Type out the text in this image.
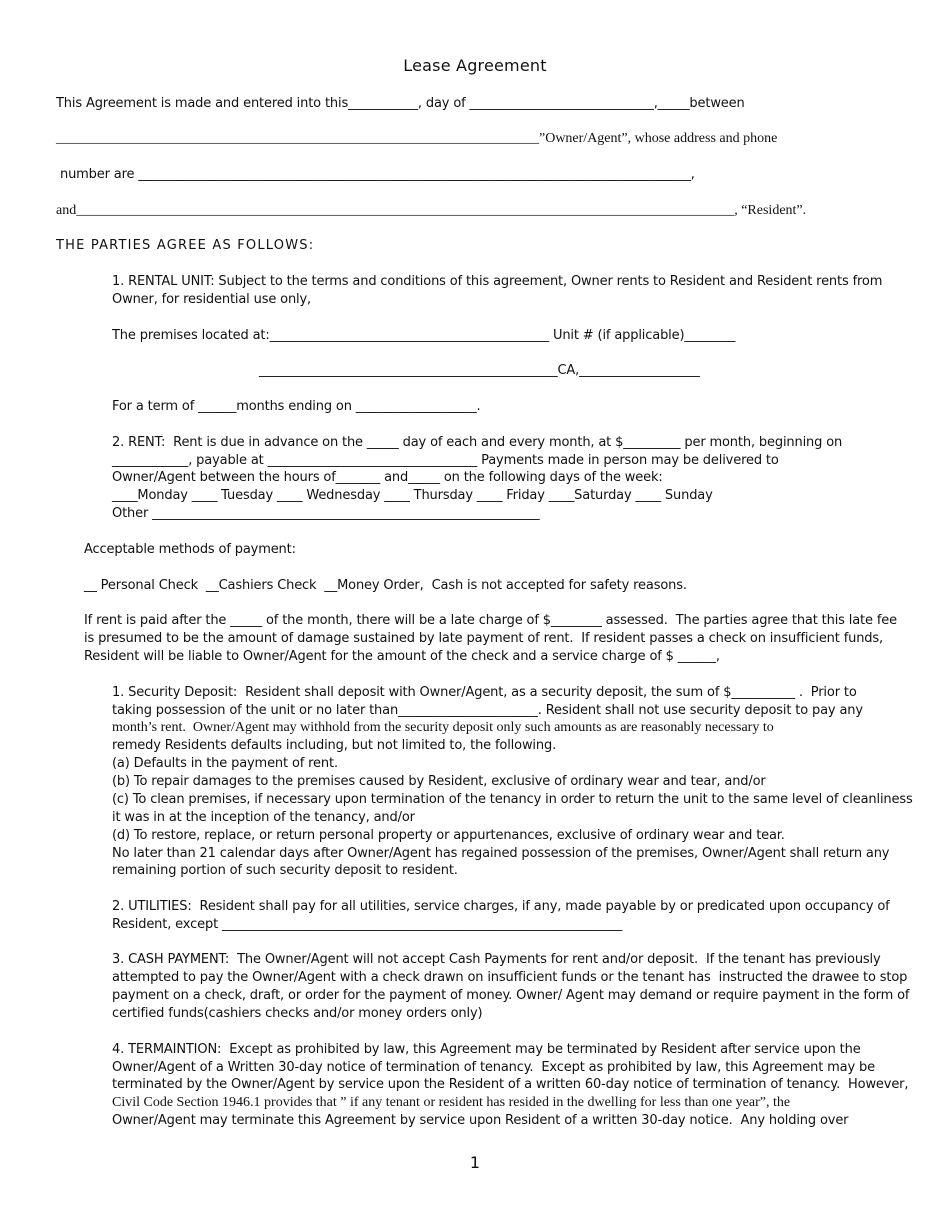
Lease Agreement
This Agreement is made and entered into this___________, day of _____________________________,_____between
_____________________________________________________________________”Owner/Agent”, whose address and phone
number are _______________________________________________________________________________________,
and______________________________________________________________________________________________, “Resident”.
THE PARTIES AGREE AS FOLLOWS:
1. RENTAL UNIT: Subject to the terms and conditions of this agreement, Owner rents to Resident and Resident rents from
Owner, for residential use only,
The premises located at:____________________________________________ Unit # (if applicable)________
_______________________________________________CA,___________________
For a term of ______months ending on ___________________.
2. RENT:  Rent is due in advance on the _____ day of each and every month, at $_________ per month, beginning on
____________, payable at _________________________________ Payments made in person may be delivered to
Owner/Agent between the hours of_______ and_____ on the following days of the week:
____Monday ____ Tuesday ____ Wednesday ____ Thursday ____ Friday ____Saturday ____ Sunday
Other _____________________________________________________________
Acceptable methods of payment:
__ Personal Check  __Cashiers Check  __Money Order,  Cash is not accepted for safety reasons.
If rent is paid after the _____ of the month, there will be a late charge of $________ assessed.  The parties agree that this late fee
is presumed to be the amount of damage sustained by late payment of rent.  If resident passes a check on insufficient funds,
Resident will be liable to Owner/Agent for the amount of the check and a service charge of $ ______,
1. Security Deposit:  Resident shall deposit with Owner/Agent, as a security deposit, the sum of $__________ .  Prior to
taking possession of the unit or no later than______________________. Resident shall not use security deposit to pay any
month’s rent.  Owner/Agent may withhold from the security deposit only such amounts as are reasonably necessary to
remedy Residents defaults including, but not limited to, the following.
(a) Defaults in the payment of rent.
(b) To repair damages to the premises caused by Resident, exclusive of ordinary wear and tear, and/or
(c) To clean premises, if necessary upon termination of the tenancy in order to return the unit to the same level of cleanliness
it was in at the inception of the tenancy, and/or
(d) To restore, replace, or return personal property or appurtenances, exclusive of ordinary wear and tear.
No later than 21 calendar days after Owner/Agent has regained possession of the premises, Owner/Agent shall return any
remaining portion of such security deposit to resident.
2. UTILITIES:  Resident shall pay for all utilities, service charges, if any, made payable by or predicated upon occupancy of
Resident, except _______________________________________________________________
3. CASH PAYMENT:  The Owner/Agent will not accept Cash Payments for rent and/or deposit.  If the tenant has previously
attempted to pay the Owner/Agent with a check drawn on insufficient funds or the tenant has  instructed the drawee to stop
payment on a check, draft, or order for the payment of money. Owner/ Agent may demand or require payment in the form of
certified funds(cashiers checks and/or money orders only)
4. TERMAINTION:  Except as prohibited by law, this Agreement may be terminated by Resident after service upon the
Owner/Agent of a Written 30-day notice of termination of tenancy.  Except as prohibited by law, this Agreement may be
terminated by the Owner/Agent by service upon the Resident of a written 60-day notice of termination of tenancy.  However,
Civil Code Section 1946.1 provides that ” if any tenant or resident has resided in the dwelling for less than one year”, the
Owner/Agent may terminate this Agreement by service upon Resident of a written 30-day notice.  Any holding over
1
